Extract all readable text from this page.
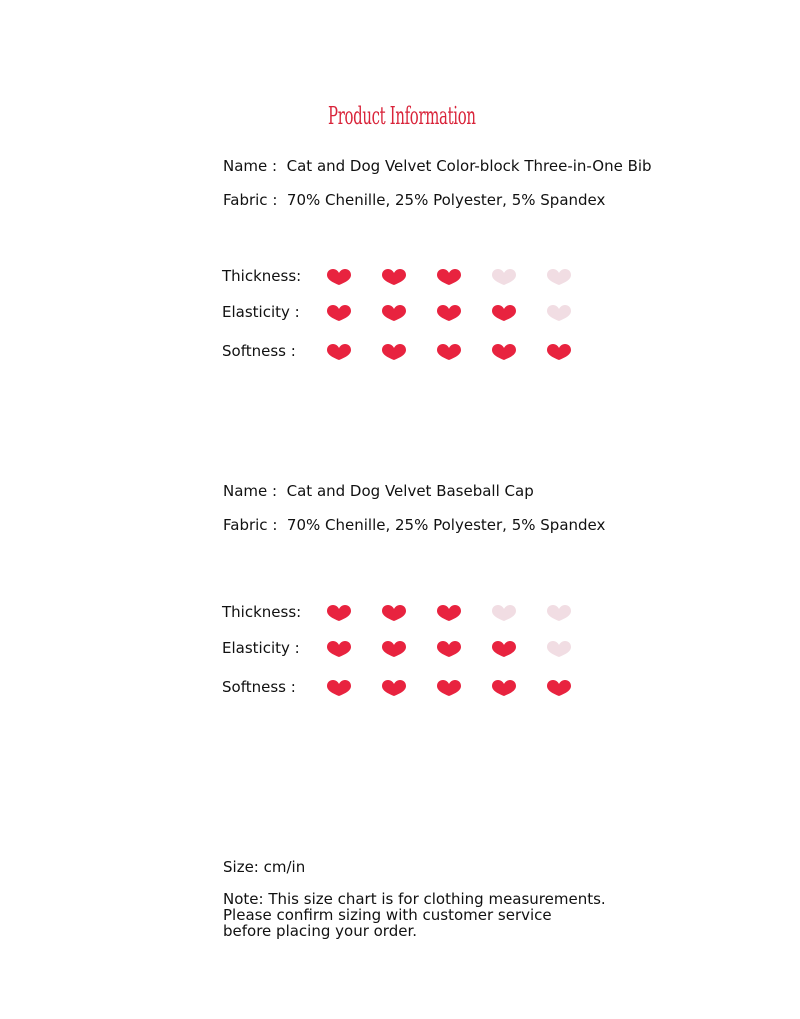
Product Information
Name : Cat and Dog Velvet Color-block Three-in-One Bib
Fabric : 70% Chenille, 25% Polyester, 5% Spandex
Thickness:
Elasticity :
Softness :
Name : Cat and Dog Velvet Baseball Cap
Fabric : 70% Chenille, 25% Polyester, 5% Spandex
Thickness:
Elasticity :
Softness :
Size: cm/in
Note: This size chart is for clothing measurements.
Please confirm sizing with customer service
before placing your order.
